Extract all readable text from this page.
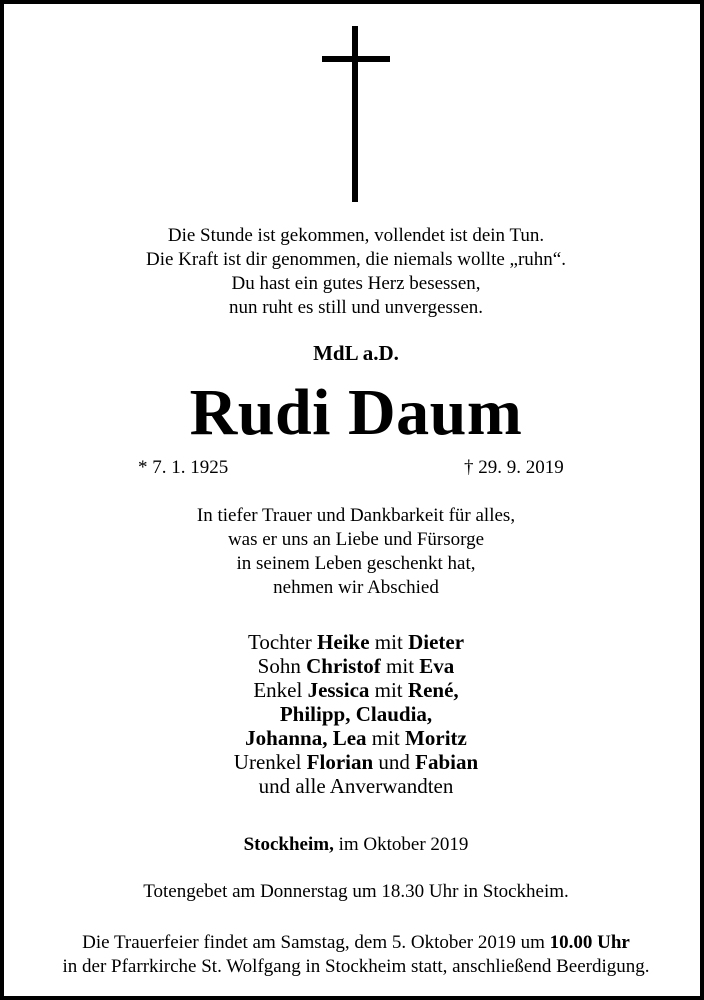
Die Stunde ist gekommen, vollendet ist dein Tun.
Die Kraft ist dir genommen, die niemals wollte „ruhn“.
Du hast ein gutes Herz besessen,
nun ruht es still und unvergessen.
MdL a.D.
Rudi Daum
* 7. 1. 1925	† 29. 9. 2019
In tiefer Trauer und Dankbarkeit für alles,
was er uns an Liebe und Fürsorge
in seinem Leben geschenkt hat,
nehmen wir Abschied
Tochter Heike mit Dieter
Sohn Christof mit Eva
Enkel Jessica mit René,
Philipp, Claudia,
Johanna, Lea mit Moritz
Urenkel Florian und Fabian
und alle Anverwandten
Stockheim, im Oktober 2019
Totengebet am Donnerstag um 18.30 Uhr in Stockheim.
Die Trauerfeier findet am Samstag, dem 5. Oktober 2019 um 10.00 Uhr
in der Pfarrkirche St. Wolfgang in Stockheim statt, anschließend Beerdigung.
